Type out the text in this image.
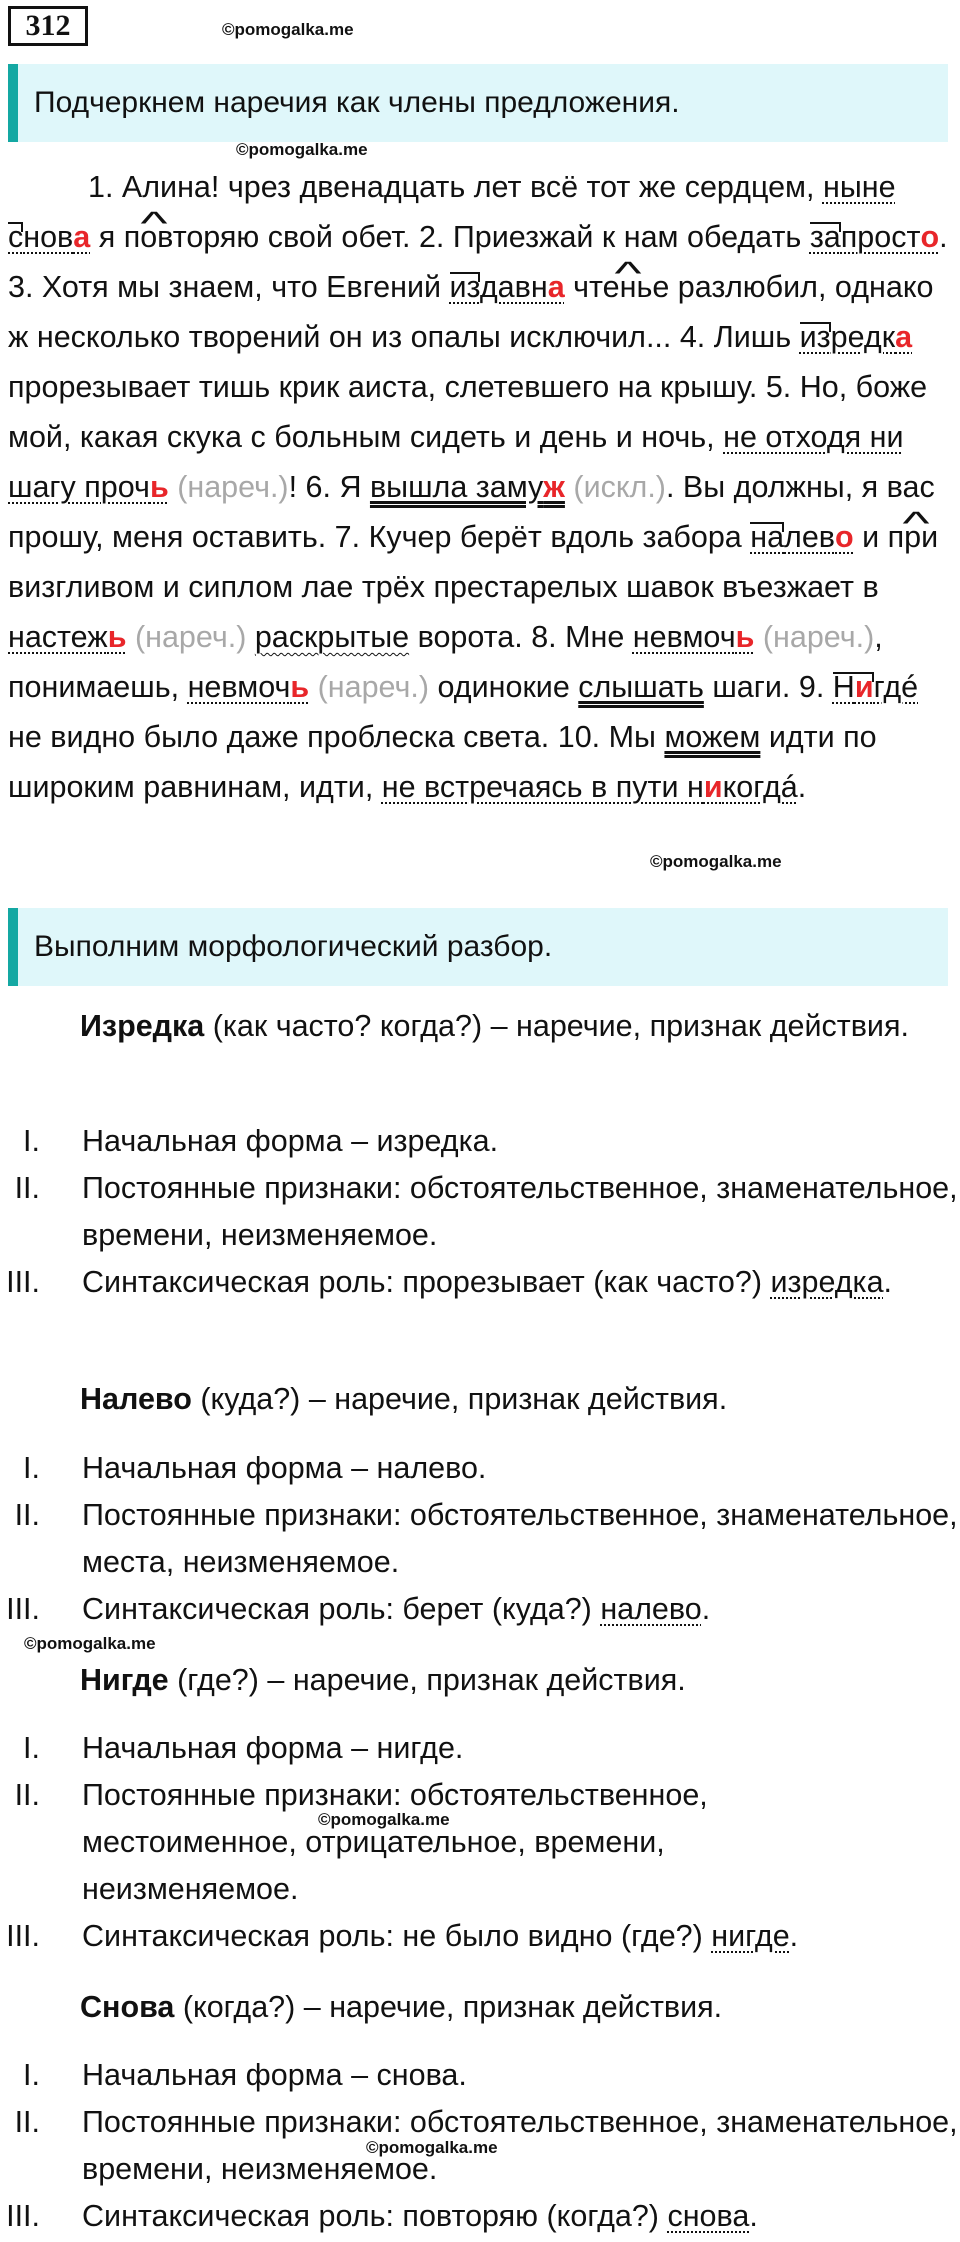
312	©pomogalka.me
Подчеркнем наречия как члены предложения.
©pomogalka.me

1. Алина! чрез двенадцать лет всё тот же сердцем, ныне снов^ а я повторяю свой обет. 2. Приезжай к нам обедать запрост^ о. 3. Хотя мы знаем, что Евгений издавн^ а чтенье разлюбил, однако ж несколько творений он из опалы исключил... 4. Лишь изредк^ а прорезывает тишь крик аиста, слетевшего на крышу. 5. Но, боже мой, какая скука с больным сидеть и день и ночь, не отходя ни шагу прочь (нареч.)! 6. Я вышла замуж (искл.). Вы должны, я вас прошу, меня оставить. 7. Кучер берёт вдоль забора налев^ о и при визгливом и сиплом лае трёх престарелых шавок въезжает в настежь (нареч.) раскрытые ворота. 8. Мне невмочь (нареч.), понимаешь, невмочь (нареч.) одинокие слышать шаги. 9. Нигдé не видно было даже проблеска света. 10. Мы можем идти по широким равнинам, идти, не встречаясь в пути никогдá.

©pomogalka.me
Выполним морфологический разбор.
Изредка (как часто? когда?) – наречие, признак действия.
I. Начальная форма – изредка.
II. Постоянные признаки: обстоятельственное, знаменательное, времени, неизменяемое.
III. Синтаксическая роль: прорезывает (как часто?) изредка.
Налево (куда?) – наречие, признак действия.
I. Начальная форма – налево.
II. Постоянные признаки: обстоятельственное, знаменательное, места, неизменяемое.
III. Синтаксическая роль: берет (куда?) налево.
©pomogalka.me
Нигде (где?) – наречие, признак действия.
I. Начальная форма – нигде.
II. Постоянные признаки: обстоятельственное, местоименное, отрицательное, времени, неизменяемое.
III. Синтаксическая роль: не было видно (где?) нигде.
©pomogalka.me
Снова (когда?) – наречие, признак действия.
I. Начальная форма – снова.
II. Постоянные признаки: обстоятельственное, знаменательное, времени, неизменяемое.
III. Синтаксическая роль: повторяю (когда?) снова.
©pomogalka.me
